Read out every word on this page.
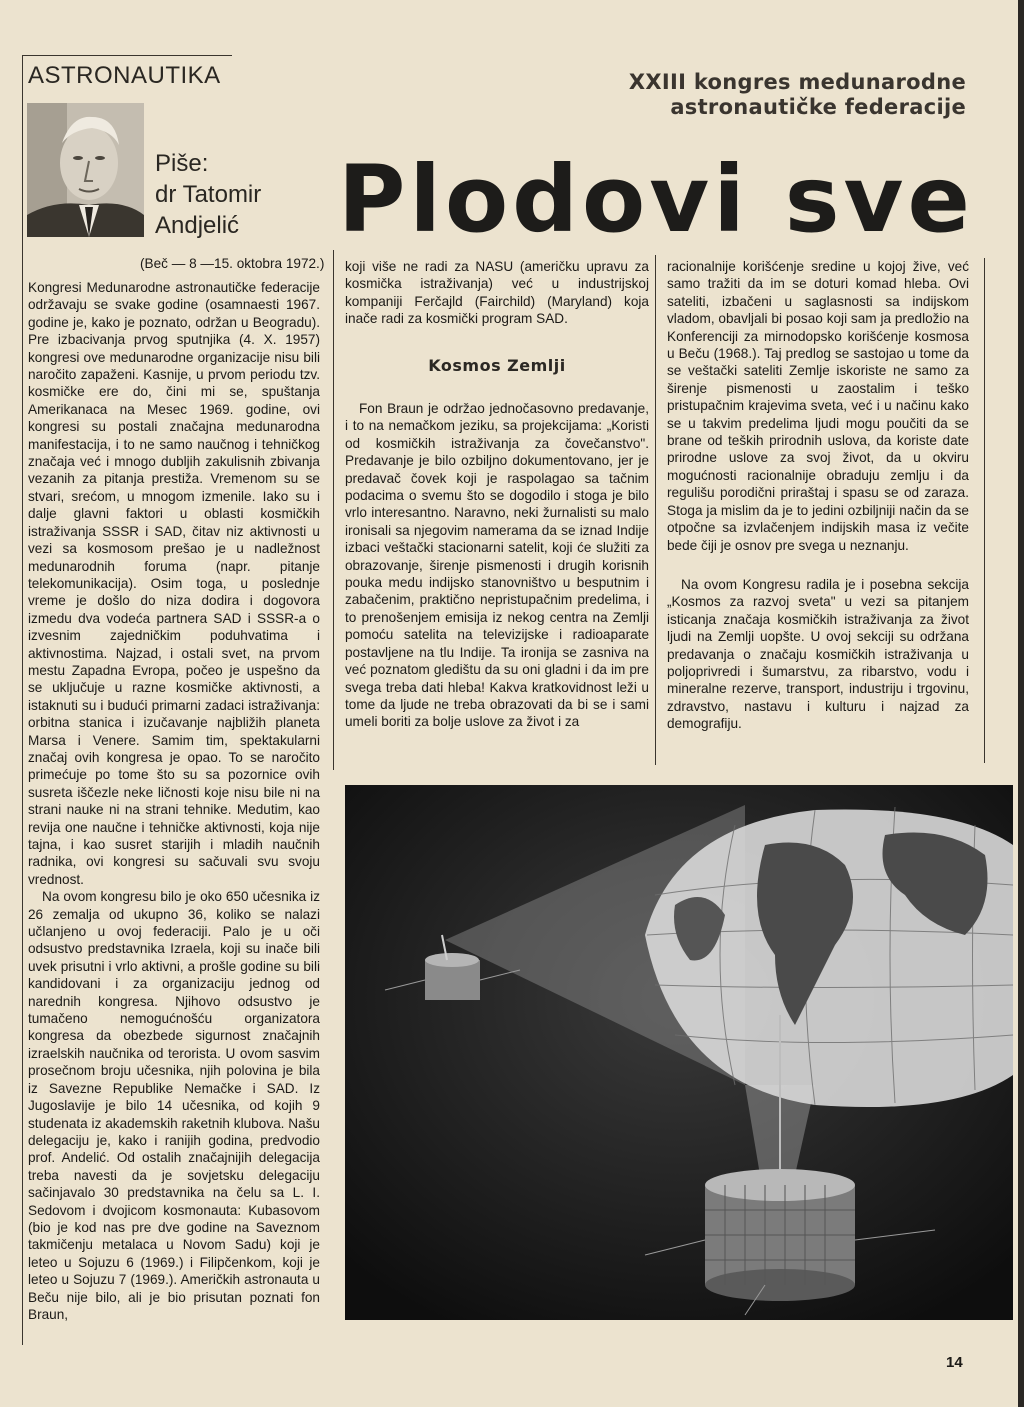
ASTRONAUTIKA
Piše:
dr Tatomir
Andjelić
XXIII kongres medunarodne
astronautičke federacije
Plodovi sve
(Beč — 8 —15. oktobra 1972.)

Kongresi Medunarodne astronautičke federacije održavaju se svake godine (osamnaesti 1967. godine je, kako je poznato, održan u Beogradu). Pre izbacivanja prvog sputnjika (4. X. 1957) kongresi ove medunarodne organizacije nisu bili naročito zapaženi. Kasnije, u prvom periodu tzv. kosmičke ere do, čini mi se, spuštanja Amerikanaca na Mesec 1969. godine, ovi kongresi su postali značajna medunarodna manifestacija, i to ne samo naučnog i tehničkog značaja već i mnogo dubljih zakulisnih zbivanja vezanih za pitanja prestiža. Vremenom su se stvari, srećom, u mnogom izmenile. Iako su i dalje glavni faktori u oblasti kosmičkih istraživanja SSSR i SAD, čitav niz aktivnosti u vezi sa kosmosom prešao je u nadležnost medunarodnih foruma (napr. pitanje telekomunikacija). Osim toga, u poslednje vreme je došlo do niza dodira i dogovora izmedu dva vodeća partnera SAD i SSSR-a o izvesnim zajedničkim poduhvatima i aktivnostima. Najzad, i ostali svet, na prvom mestu Zapadna Evropa, počeo je uspešno da se uključuje u razne kosmičke aktivnosti, a istaknuti su i budući primarni zadaci istraživanja: orbitna stanica i izučavanje najbližih planeta Marsa i Venere. Samim tim, spektakularni značaj ovih kongresa je opao. To se naročito primećuje po tome što su sa pozornice ovih susreta iščezle neke ličnosti koje nisu bile ni na strani nauke ni na strani tehnike. Medutim, kao revija one naučne i tehničke aktivnosti, koja nije tajna, i kao susret starijih i mladih naučnih radnika, ovi kongresi su sačuvali svu svoju vrednost.

Na ovom kongresu bilo je oko 650 učesnika iz 26 zemalja od ukupno 36, koliko se nalazi učlanjeno u ovoj federaciji. Palo je u oči odsustvo predstavnika Izraela, koji su inače bili uvek prisutni i vrlo aktivni, a prošle godine su bili kandidovani i za organizaciju jednog od narednih kongresa. Njihovo odsustvo je tumačeno nemogućnošću organizatora kongresa da obezbede sigurnost značajnih izraelskih naučnika od terorista. U ovom sasvim prosečnom broju učesnika, njih polovina je bila iz Savezne Republike Nemačke i SAD. Iz Jugoslavije je bilo 14 učesnika, od kojih 9 studenata iz akademskih raketnih klubova. Našu delegaciju je, kako i ranijih godina, predvodio prof. Andelić. Od ostalih značajnijih delegacija treba navesti da je sovjetsku delegaciju sačinjavalo 30 predstavnika na čelu sa L. I. Sedovom i dvojicom kosmonauta: Kubasovom (bio je kod nas pre dve godine na Saveznom takmičenju metalaca u Novom Sadu) koji je leteo u Sojuzu 6 (1969.) i Filipčenkom, koji je leteo u Sojuzu 7 (1969.). Američkih astronauta u Beču nije bilo, ali je bio prisutan poznati fon Braun,

koji više ne radi za NASU (američku upravu za kosmička istraživanja) već u industrijskoj kompaniji Ferčajld (Fairchild) (Maryland) koja inače radi za kosmički program SAD.

Kosmos Zemlji

Fon Braun je održao jednočasovno predavanje, i to na nemačkom jeziku, sa projekcijama: „Koristi od kosmičkih istraživanja za čovečanstvo". Predavanje je bilo ozbiljno dokumentovano, jer je predavač čovek koji je raspolagao sa tačnim podacima o svemu što se dogodilo i stoga je bilo vrlo interesantno. Naravno, neki žurnalisti su malo ironisali sa njegovim namerama da se iznad Indije izbaci veštački stacionarni satelit, koji će služiti za obrazovanje, širenje pismenosti i drugih korisnih pouka medu indijsko stanovništvo u besputnim i zabačenim, praktično nepristupačnim predelima, i to prenošenjem emisija iz nekog centra na Zemlji pomoću satelita na televizijske i radioaparate postavljene na tlu Indije. Ta ironija se zasniva na već poznatom gledištu da su oni gladni i da im pre svega treba dati hleba! Kakva kratkovidnost leži u tome da ljude ne treba obrazovati da bi se i sami umeli boriti za bolje uslove za život i za

racionalnije korišćenje sredine u kojoj žive, već samo tražiti da im se doturi komad hleba. Ovi sateliti, izbačeni u saglasnosti sa indijskom vladom, obavljali bi posao koji sam ja predložio na Konferenciji za mirnodopsko korišćenje kosmosa u Beču (1968.). Taj predlog se sastojao u tome da se veštački sateliti Zemlje iskoriste ne samo za širenje pismenosti u zaostalim i teško pristupačnim krajevima sveta, već i u načinu kako se u takvim predelima ljudi mogu poučiti da se brane od teških prirodnih uslova, da koriste date prirodne uslove za svoj život, da u okviru mogućnosti racionalnije obraduju zemlju i da regulišu porodični priraštaj i spasu se od zaraza. Stoga ja mislim da je to jedini ozbiljniji način da se otpočne sa izvlačenjem indijskih masa iz večite bede čiji je osnov pre svega u neznanju.

Na ovom Kongresu radila je i posebna sekcija „Kosmos za razvoj sveta" u vezi sa pitanjem isticanja značaja kosmičkih istraživanja za život ljudi na Zemlji uopšte. U ovoj sekciji su održana predavanja o značaju kosmičkih istraživanja u poljoprivredi i šumarstvu, za ribarstvo, vodu i mineralne rezerve, transport, industriju i trgovinu, zdravstvo, nastavu i kulturu i najzad za demografiju.

14
